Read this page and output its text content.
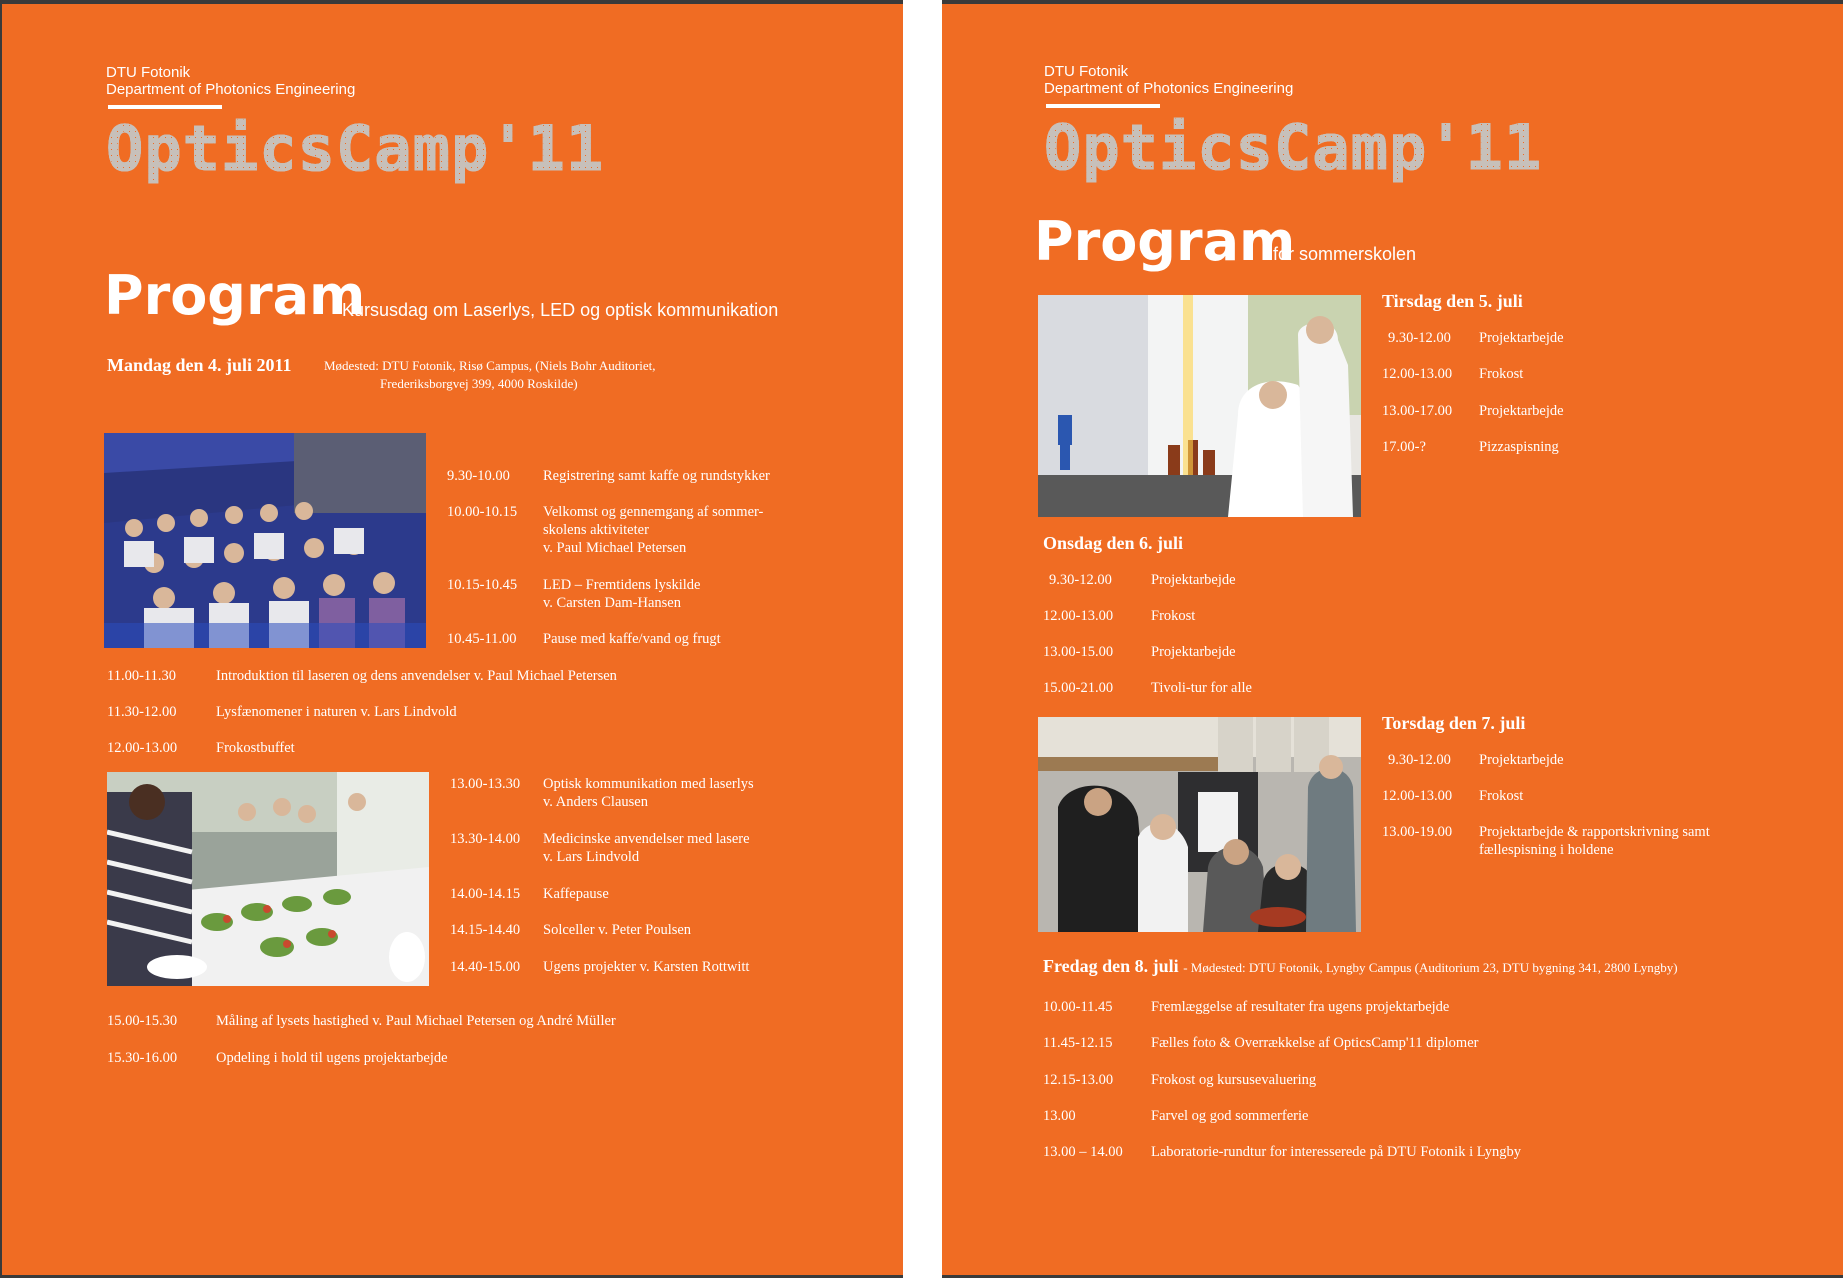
DTU Fotonik
Department of Photonics Engineering
OpticsCamp'11
Program
Kursusdag om Laserlys, LED og optisk kommunikation
Mandag den 4. juli 2011 Mødested: DTU Fotonik, Risø Campus, (Niels Bohr Auditoriet,
Frederiksborgvej 399, 4000 Roskilde)
9.30-10.00 Registrering samt kaffe og rundstykker
10.00-10.15 Velkomst og gennemgang af sommer-
skolens aktiviteter
v. Paul Michael Petersen
10.15-10.45 LED – Fremtidens lyskilde
v. Carsten Dam-Hansen
10.45-11.00 Pause med kaffe/vand og frugt
11.00-11.30	Introduktion til laseren og dens anvendelser v. Paul Michael Petersen
11.30-12.00	Lysfænomener i naturen v. Lars Lindvold
12.00-13.00	Frokostbuffet
13.00-13.30 Optisk kommunikation med laserlys
v. Anders Clausen
13.30-14.00 Medicinske anvendelser med lasere
v. Lars Lindvold
14.00-14.15 Kaffepause
14.15-14.40 Solceller v. Peter Poulsen
14.40-15.00 Ugens projekter v. Karsten Rottwitt
15.00-15.30	Måling af lysets hastighed v. Paul Michael Petersen og André Müller
15.30-16.00	Opdeling i hold til ugens projektarbejde
DTU Fotonik
Department of Photonics Engineering
OpticsCamp'11
Program
for sommerskolen
Tirsdag den 5. juli
9.30-12.00 Projektarbejde
12.00-13.00 Frokost
13.00-17.00 Projektarbejde
17.00-?	Pizzaspisning
Onsdag den 6. juli
9.30-12.00	Projektarbejde
12.00-13.00	Frokost
13.00-15.00	Projektarbejde
15.00-21.00	Tivoli-tur for alle
Torsdag den 7. juli
9.30-12.00 Projektarbejde
12.00-13.00 Frokost
13.00-19.00 Projektarbejde & rapportskrivning samt
fællespisning i holdene
Fredag den 8. juli - Mødested: DTU Fotonik, Lyngby Campus (Auditorium 23, DTU bygning 341, 2800 Lyngby)
10.00-11.45	Fremlæggelse af resultater fra ugens projektarbejde
11.45-12.15	Fælles foto & Overrækkelse af OpticsCamp'11 diplomer
12.15-13.00	Frokost og kursusevaluering
13.00	Farvel og god sommerferie
13.00 – 14.00 Laboratorie-rundtur for interesserede på DTU Fotonik i Lyngby
